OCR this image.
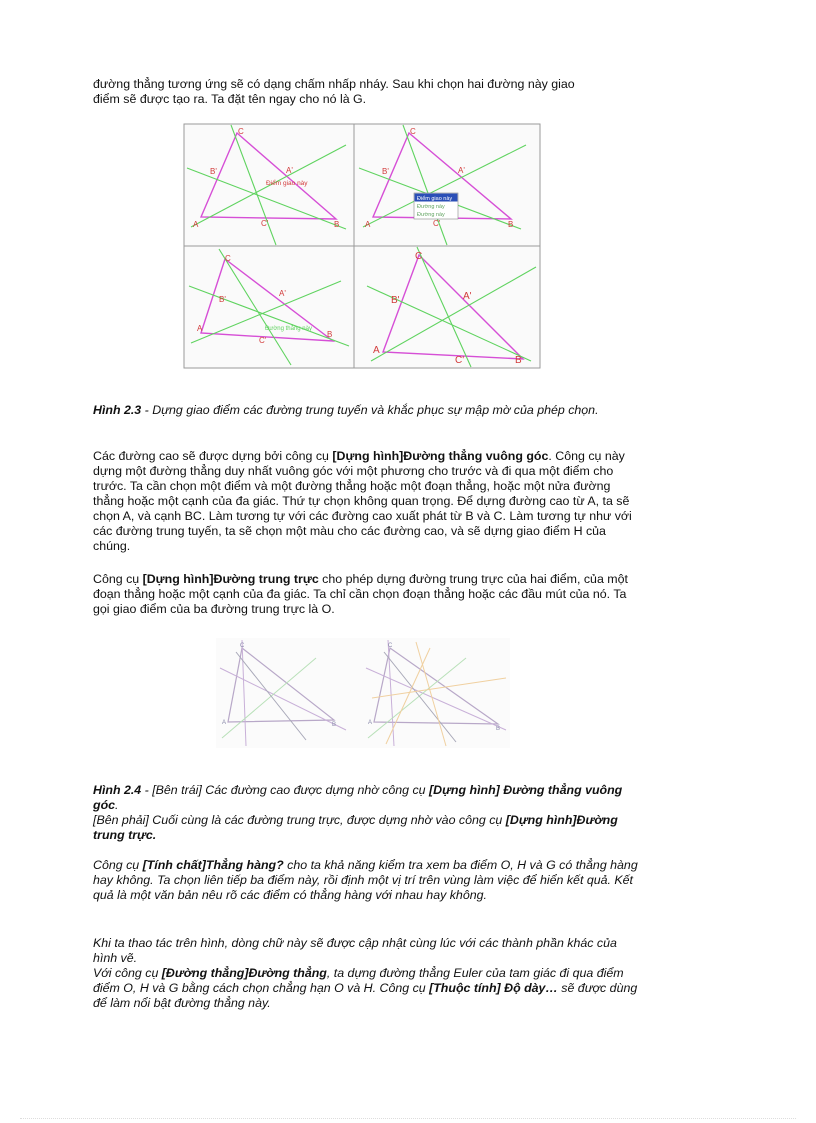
đường thẳng tương ứng sẽ có dạng chấm nhấp nháy. Sau khi chọn hai đường này giao
điểm sẽ được tạo ra. Ta đặt tên ngay cho nó là G.

C
B'	A'
A	C'	B
Điểm giao này
C
B'	A'
A	C'	B
Điểm giao này
Đường này
Đường này
C
B'
A'
A
C'
B
Đường thẳng này
C
B'	A'
A
C'	B

Hình 2.3 - Dựng giao điểm các đường trung tuyến và khắc phục sự mập mờ của phép chọn.

Các đường cao sẽ được dựng bởi công cụ [Dựng hình]Đường thẳng vuông góc. Công cụ này dựng một đường thẳng duy nhất vuông góc với một phương cho trước và đi qua một điểm cho trước. Ta cần chọn một điểm và một đường thẳng hoặc một đoạn thẳng, hoặc một nửa đường thẳng hoặc một cạnh của đa giác. Thứ tự chọn không quan trọng. Để dựng đường cao từ A, ta sẽ chọn A, và cạnh BC. Làm tương tự với các đường cao xuất phát từ B và C. Làm tương tự như với các đường trung tuyến, ta sẽ chọn một màu cho các đường cao, và sẽ dựng giao điểm H của chúng.

Công cụ [Dựng hình]Đường trung trực cho phép dựng đường trung trực của hai điểm, của một đoạn thẳng hoặc một cạnh của đa giác. Ta chỉ cần chọn đoạn thẳng hoặc các đầu mút của nó. Ta gọi giao điểm của ba đường trung trực là O.

A
C
B	A
C
B

Hình 2.4 - [Bên trái] Các đường cao được dựng nhờ công cụ [Dựng hình] Đường thẳng vuông góc.
[Bên phải] Cuối cùng là các đường trung trực, được dựng nhờ vào công cụ [Dựng hình]Đường trung trực.

Công cụ [Tính chất]Thẳng hàng? cho ta khả năng kiểm tra xem ba điểm O, H và G có thẳng hàng hay không. Ta chọn liên tiếp ba điểm này, rồi định một vị trí trên vùng làm việc để hiển kết quả. Kết quả là một văn bản nêu rõ các điểm có thẳng hàng với nhau hay không.

Khi ta thao tác trên hình, dòng chữ này sẽ được cập nhật cùng lúc với các thành phần khác của hình vẽ.
Với công cụ [Đường thẳng]Đường thẳng, ta dựng đường thẳng Euler của tam giác đi qua điểm điểm O, H và G bằng cách chọn chẳng hạn O và H. Công cụ [Thuộc tính] Độ dày… sẽ được dùng để làm nổi bật đường thẳng này.
